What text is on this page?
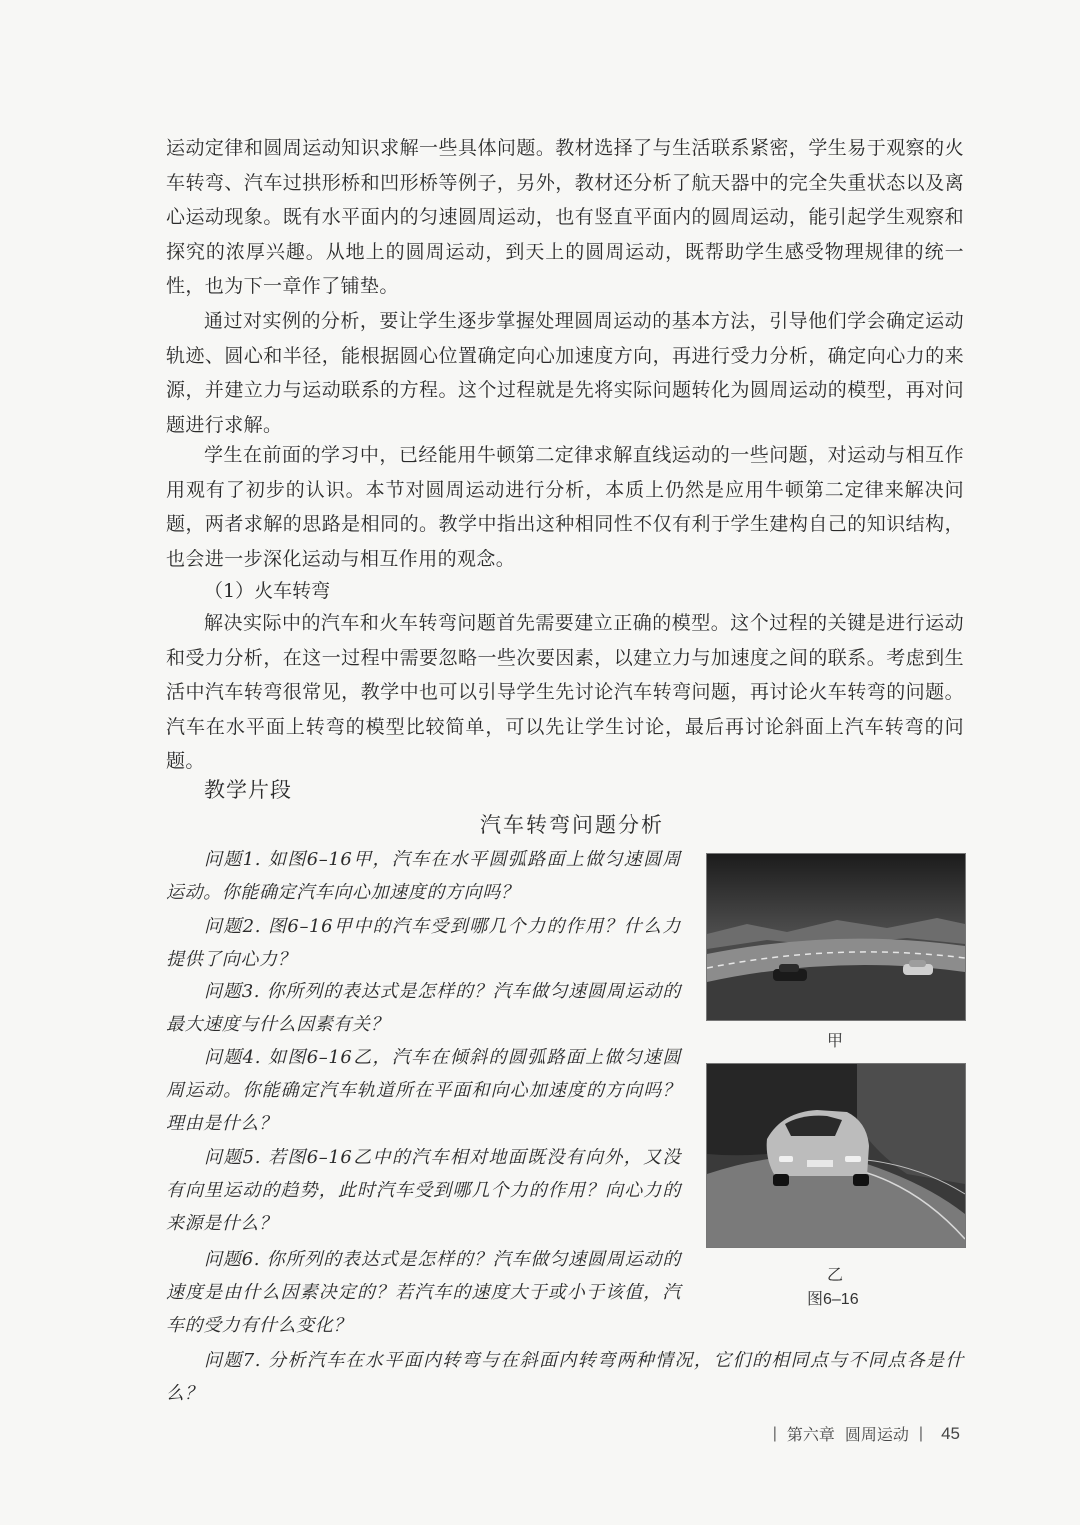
运动定律和圆周运动知识求解一些具体问题。教材选择了与生活联系紧密，学生易于观察的火车转弯、汽车过拱形桥和凹形桥等例子，另外，教材还分析了航天器中的完全失重状态以及离心运动现象。既有水平面内的匀速圆周运动，也有竖直平面内的圆周运动，能引起学生观察和探究的浓厚兴趣。从地上的圆周运动，到天上的圆周运动，既帮助学生感受物理规律的统一性，也为下一章作了铺垫。

通过对实例的分析，要让学生逐步掌握处理圆周运动的基本方法，引导他们学会确定运动轨迹、圆心和半径，能根据圆心位置确定向心加速度方向，再进行受力分析，确定向心力的来源，并建立力与运动联系的方程。这个过程就是先将实际问题转化为圆周运动的模型，再对问题进行求解。

学生在前面的学习中，已经能用牛顿第二定律求解直线运动的一些问题，对运动与相互作用观有了初步的认识。本节对圆周运动进行分析，本质上仍然是应用牛顿第二定律来解决问题，两者求解的思路是相同的。教学中指出这种相同性不仅有利于学生建构自己的知识结构，也会进一步深化运动与相互作用的观念。

（1）火车转弯

解决实际中的汽车和火车转弯问题首先需要建立正确的模型。这个过程的关键是进行运动和受力分析，在这一过程中需要忽略一些次要因素，以建立力与加速度之间的联系。考虑到生活中汽车转弯很常见，教学中也可以引导学生先讨论汽车转弯问题，再讨论火车转弯的问题。汽车在水平面上转弯的模型比较简单，可以先让学生讨论，最后再讨论斜面上汽车转弯的问题。

教学片段

汽车转弯问题分析

问题1. 如图6–16甲，汽车在水平圆弧路面上做匀速圆周运动。你能确定汽车向心加速度的方向吗？

问题2. 图6–16甲中的汽车受到哪几个力的作用？什么力提供了向心力？

问题3. 你所列的表达式是怎样的？汽车做匀速圆周运动的最大速度与什么因素有关？

问题4. 如图6–16乙，汽车在倾斜的圆弧路面上做匀速圆周运动。你能确定汽车轨道所在平面和向心加速度的方向吗？理由是什么？

问题5. 若图6–16乙中的汽车相对地面既没有向外，又没有向里运动的趋势，此时汽车受到哪几个力的作用？向心力的来源是什么？

问题6. 你所列的表达式是怎样的？汽车做匀速圆周运动的速度是由什么因素决定的？若汽车的速度大于或小于该值，汽车的受力有什么变化？

问题7. 分析汽车在水平面内转弯与在斜面内转弯两种情况，它们的相同点与不同点各是什么？

甲

乙

图6–16

| 第六章 圆周运动 | 45
